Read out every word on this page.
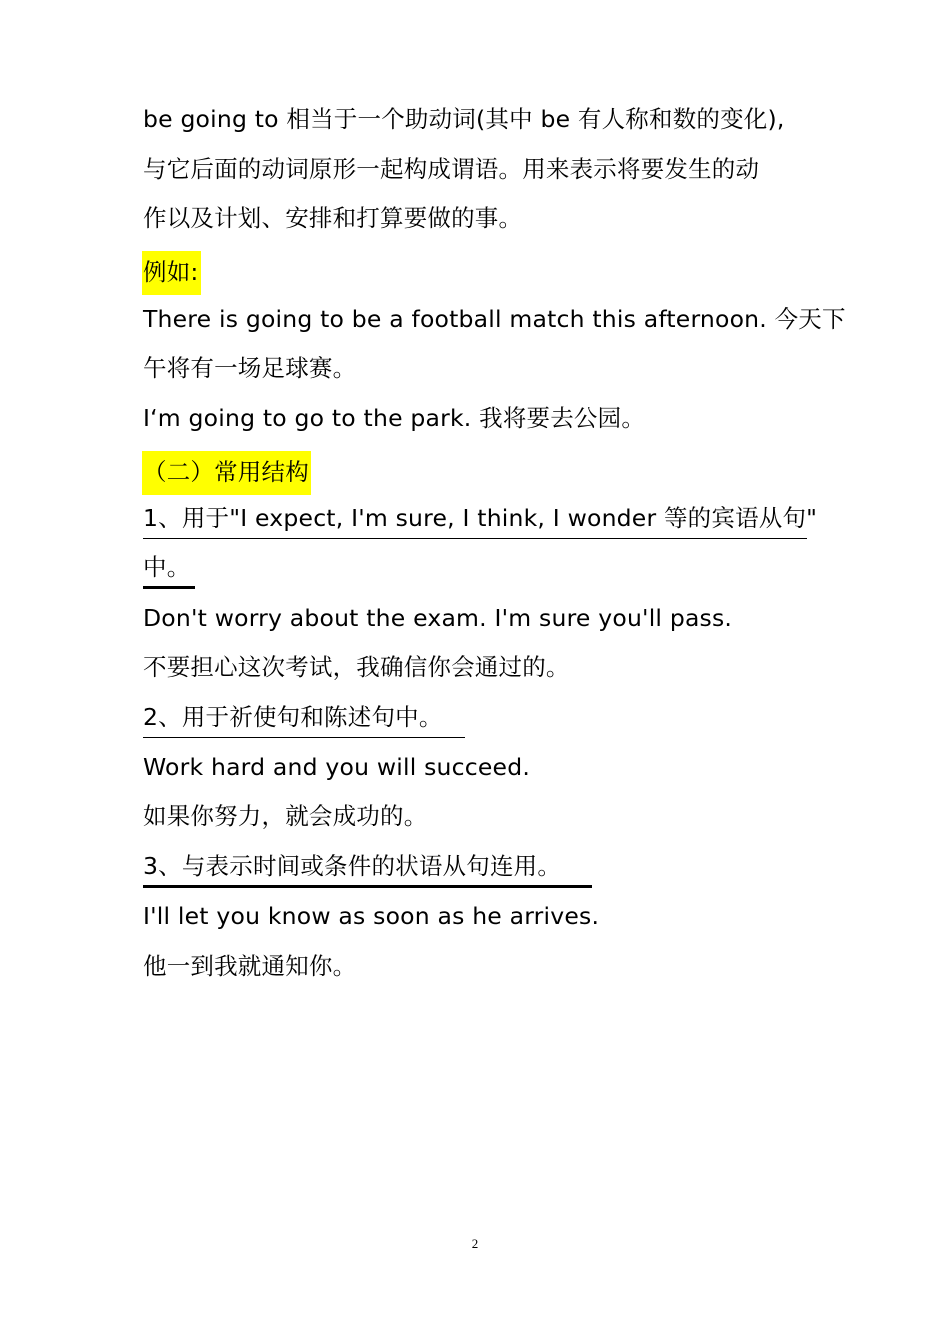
be going to 相当于一个助动词(其中 be 有人称和数的变化),
与它后面的动词原形一起构成谓语。用来表示将要发生的动
作以及计划、安排和打算要做的事。
例如:
There is going to be a football match this afternoon. 今天下
午将有一场足球赛。
I‘m going to go to the park. 我将要去公园。
（二）常用结构
1、用于"I expect, I'm sure, I think, I wonder 等的宾语从句"
中。
Don't worry about the exam. I'm sure you'll pass.
不要担心这次考试，我确信你会通过的。
2、用于祈使句和陈述句中。
Work hard and you will succeed.
如果你努力，就会成功的。
3、与表示时间或条件的状语从句连用。
I'll let you know as soon as he arrives.
他一到我就通知你。
2
